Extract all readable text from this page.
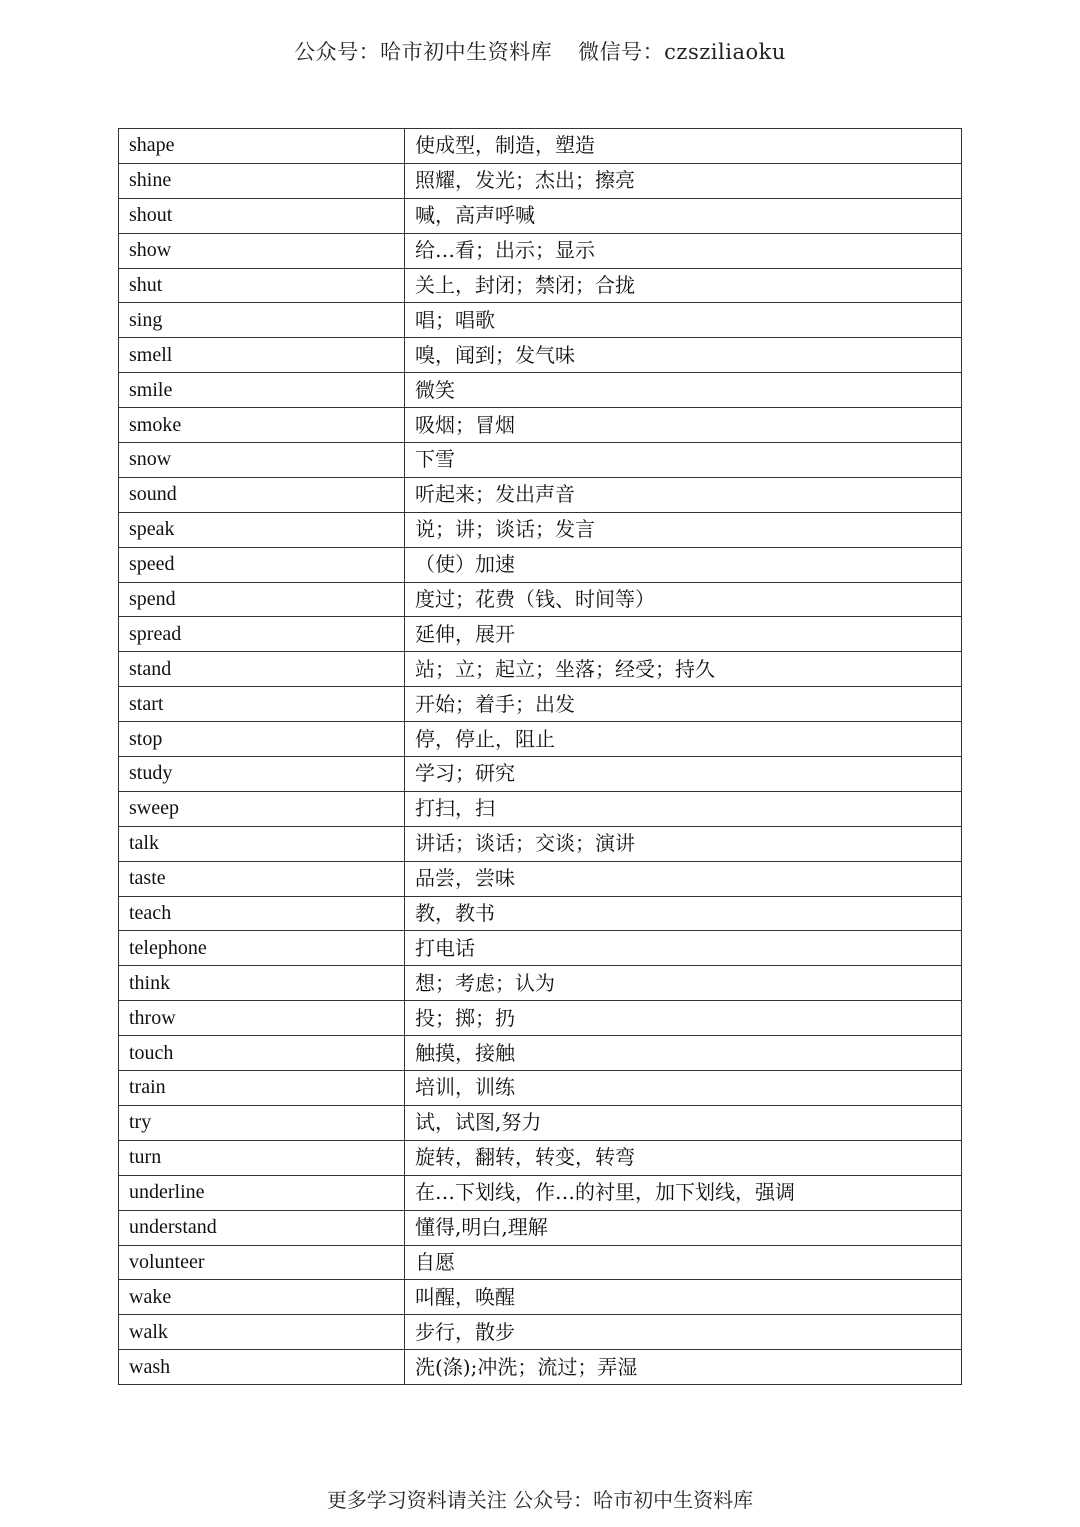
公众号：哈市初中生资料库 微信号：czsziliaoku
shape	使成型，制造，塑造
shine	照耀，发光；杰出；擦亮
shout	喊，高声呼喊
show	给…看；出示；显示
shut	关上，封闭；禁闭；合拢
sing	唱；唱歌
smell	嗅，闻到；发气味
smile	微笑
smoke	吸烟；冒烟
snow	下雪
sound	听起来；发出声音
speak	说；讲；谈话；发言
speed	（使）加速
spend	度过；花费（钱、时间等）
spread	延伸，展开
stand	站；立；起立；坐落；经受；持久
start	开始；着手；出发
stop	停，停止，阻止
study	学习；研究
sweep	打扫，扫
talk	讲话；谈话；交谈；演讲
taste	品尝，尝味
teach	教，教书
telephone	打电话
think	想；考虑；认为
throw	投；掷；扔
touch	触摸，接触
train	培训，训练
try	试，试图,努力
turn	旋转，翻转，转变，转弯
underline	在…下划线，作…的衬里，加下划线，强调
understand	懂得,明白,理解
volunteer	自愿
wake	叫醒，唤醒
walk	步行，散步
wash	洗(涤);冲洗；流过；弄湿
更多学习资料请关注 公众号：哈市初中生资料库
